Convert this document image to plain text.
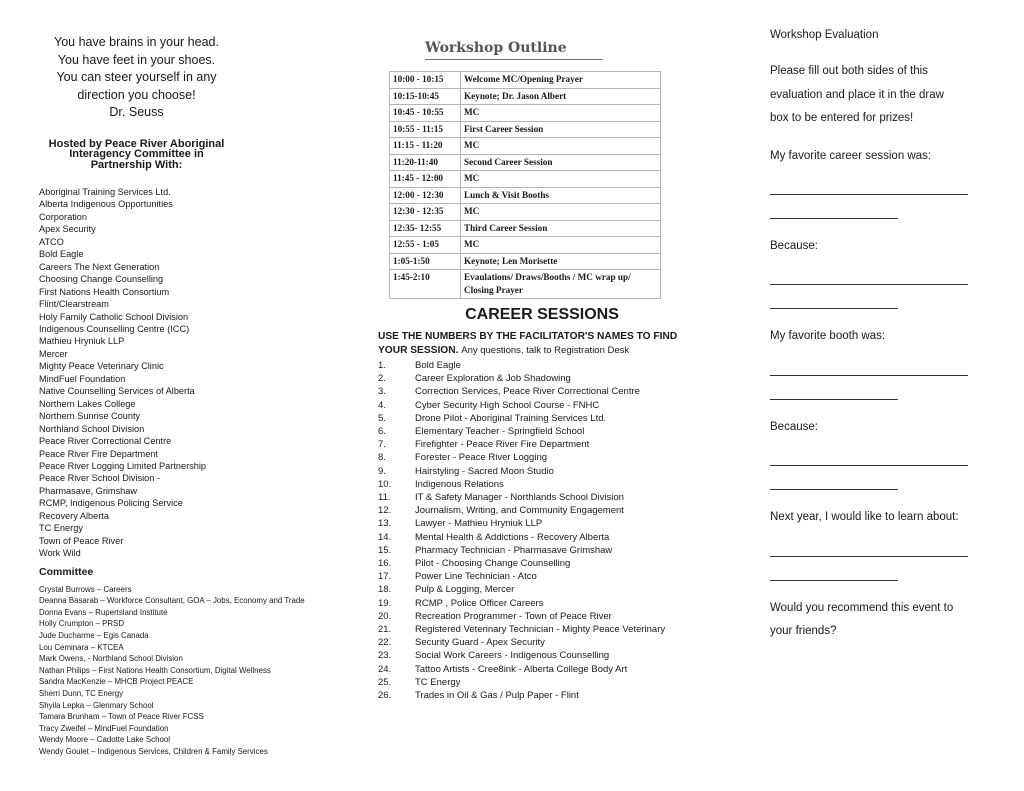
You have brains in your head.
You have feet in your shoes.
You can steer yourself in any
direction you choose!
Dr. Seuss
Hosted by Peace River Aboriginal
Interagency Committee in
Partnership With:
Aboriginal Training Services Ltd.
Alberta Indigenous Opportunities
Corporation
Apex Security
ATCO
Bold Eagle
Careers The Next Generation
Choosing Change Counselling
First Nations Health Consortium
Flint/Clearstream
Holy Family Catholic School Division
Indigenous Counselling Centre (ICC)
Mathieu Hryniuk LLP
Mercer
Mighty Peace Veterinary Clinic
MindFuel Foundation
Native Counselling Services of Alberta
Northern Lakes College
Northern Sunrise County
Northland School Division
Peace River Correctional Centre
Peace River Fire Department
Peace River Logging Limited Partnership
Peace River School Division -
Pharmasave, Grimshaw
RCMP, Indigenous Policing Service
Recovery Alberta
TC Energy
Town of Peace River
Work Wild
Committee
Crystal Burrows – Careers
Deanna Basarab – Workforce Consultant, GOA – Jobs, Economy and Trade
Donna Evans – Rupertsland Institute
Holly Crumpton – PRSD
Jude Ducharme – Egis Canada
Lou Ceminara – KTCEA
Mark Owens, - Northland School Division
Nathan Philips – First Nations Health Consortium, Digital Wellness
Sandra MacKenzie – MHCB Project PEACE
Sherri Dunn, TC Energy
Shyila Lepka – Glenmary School
Tamara Brunham – Town of Peace River FCSS
Tracy Zweifel – MindFuel Foundation
Wendy Moore – Cadotte Lake School
Wendy Goulet – Indigenous Services, Children & Family Services
Workshop Outline
10:00 - 10:15	Welcome MC/Opening Prayer
10:15-10:45	Keynote; Dr. Jason Albert
10:45 - 10:55	MC
10:55 - 11:15	First Career Session
11:15 - 11:20	MC
11:20-11:40	Second Career Session
11:45 - 12:00	MC
12:00 - 12:30	Lunch & Visit Booths
12:30 - 12:35	MC
12:35- 12:55	Third Career Session
12:55 - 1:05	MC
1:05-1:50	Keynote; Len Morisette
1:45-2:10	Evaulations/ Draws/Booths / MC wrap up/ Closing Prayer
CAREER SESSIONS
USE THE NUMBERS BY THE FACILITATOR'S NAMES TO FIND
YOUR SESSION. Any questions, talk to Registration Desk
1.	Bold Eagle
2.	Career Exploration & Job Shadowing
3.	Correction Services, Peace River Correctional Centre
4.	Cyber Security High School Course - FNHC
5.	Drone Pilot - Aboriginal Training Services Ltd.
6.	Elementary Teacher - Springfield School
7.	Firefighter - Peace River Fire Department
8.	Forester - Peace River Logging
9.	Hairstyling - Sacred Moon Studio
10.	Indigenous Relations
11.	IT & Safety Manager - Northlands School Division
12.	Journalism, Writing, and Community Engagement
13.	Lawyer - Mathieu Hryniuk LLP
14.	Mental Health & Addictions - Recovery Alberta
15.	Pharmacy Technician - Pharmasave Grimshaw
16.	Pilot - Choosing Change Counselling
17.	Power Line Technician - Atco
18.	Pulp & Logging, Mercer
19.	RCMP , Police Officer Careers
20.	Recreation Programmer - Town of Peace River
21.	Registered Veterinary Technician - Mighty Peace Veterinary
22.	Security Guard - Apex Security
23.	Social Work Careers - Indigenous Counselling
24.	Tattoo Artists - Cree8ink - Alberta College Body Art
25.	TC Energy
26.	Trades in Oil & Gas / Pulp Paper - Flint

Workshop Evaluation

Please fill out both sides of this

evaluation and place it in the draw

box to be entered for prizes!

My favorite career session was:

Because:

My favorite booth was:

Because:

Next year, I would like to learn about:

Would you recommend this event to

your friends?
